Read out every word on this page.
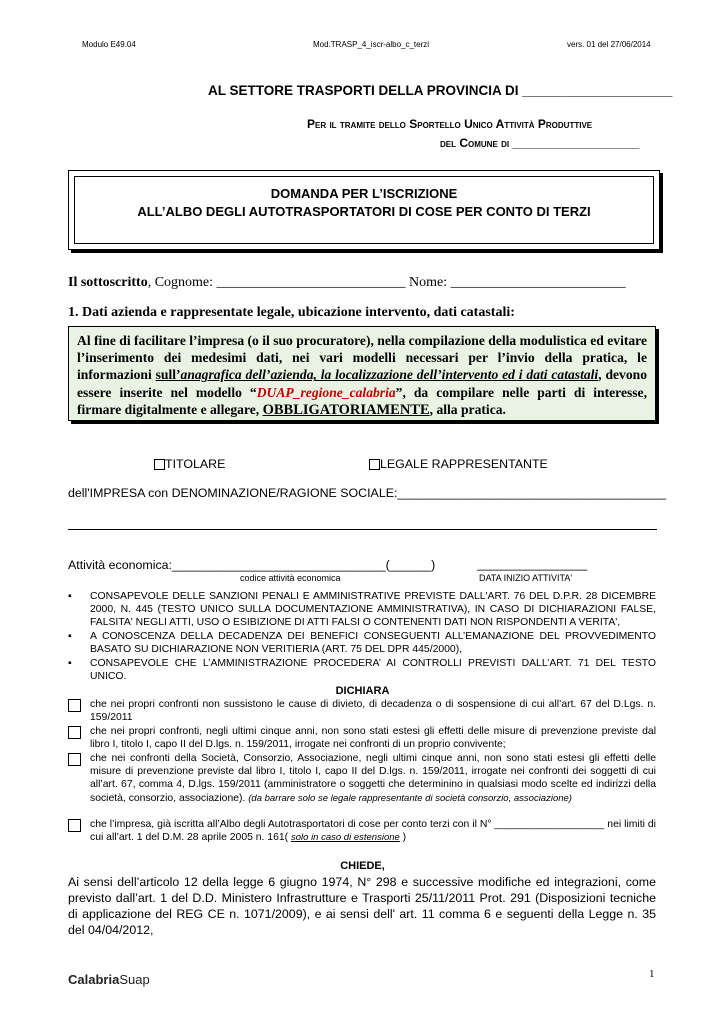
Modulo E49.04	Mod.TRASP_4_iscr-albo_c_terzi	vers. 01 del 27/06/2014
AL SETTORE TRASPORTI DELLA PROVINCIA DI ____________________
Per il tramite dello Sportello Unico Attività Produttive
del Comune di ___________________
DOMANDA PER L’ISCRIZIONE
ALL’ALBO DEGLI AUTOTRASPORTATORI DI COSE PER CONTO DI TERZI
Il sottoscritto, Cognome: ___________________________ Nome: _________________________
1. Dati azienda e rappresentate legale, ubicazione intervento, dati catastali:
Al fine di facilitare l’impresa (o il suo procuratore), nella compilazione della modulistica ed evitare l’inserimento dei medesimi dati, nei vari modelli necessari per l’invio della pratica, le informazioni sull’anagrafica dell’azienda, la localizzazione dell’intervento ed i dati catastali, devono essere inserite nel modello “DUAP_regione_calabria”, da compilare nelle parti di interesse, firmare digitalmente e allegare, OBBLIGATORIAMENTE, alla pratica.
TITOLARE	LEGALE RAPPRESENTANTE
dell'IMPRESA con DENOMINAZIONE/RAGIONE SOCIALE:_______________________________________
Attività economica:_______________________________(______)	________________
codice attività economica	DATA INIZIO ATTIVITA'
▪	CONSAPEVOLE DELLE SANZIONI PENALI E AMMINISTRATIVE PREVISTE DALL'ART. 76 DEL D.P.R. 28 DICEMBRE 2000, N. 445 (TESTO UNICO SULLA DOCUMENTAZIONE AMMINISTRATIVA), IN CASO DI DICHIARAZIONI FALSE, FALSITA' NEGLI ATTI, USO O ESIBIZIONE DI ATTI FALSI O CONTENENTI DATI NON RISPONDENTI A VERITA',
▪	A CONOSCENZA DELLA DECADENZA DEI BENEFICI CONSEGUENTI ALL’EMANAZIONE DEL PROVVEDIMENTO BASATO SU DICHIARAZIONE NON VERITIERIA (ART. 75 DEL DPR 445/2000),
▪	CONSAPEVOLE CHE L’AMMINISTRAZIONE PROCEDERA’ AI CONTROLLI PREVISTI DALL’ART. 71 DEL TESTO UNICO.
DICHIARA
che nei propri confronti non sussistono le cause di divieto, di decadenza o di sospensione di cui all’art. 67 del D.Lgs. n. 159/2011
che nei propri confronti, negli ultimi cinque anni, non sono stati estesi gli effetti delle misure di prevenzione previste dal libro I, titolo I, capo II del D.lgs. n. 159/2011, irrogate nei confronti di un proprio convivente;
che nei confronti della Società, Consorzio, Associazione, negli ultimi cinque anni, non sono stati estesi gli effetti delle misure di prevenzione previste dal libro I, titolo I, capo II del D.lgs. n. 159/2011, irrogate nei confronti dei soggetti di cui all’art. 67, comma 4, D.lgs. 159/2011 (amministratore o soggetti che determinino in qualsiasi modo scelte ed indirizzi della società, consorzio, associazione). (da barrare solo se legale rappresentante di società consorzio, associazione)
che l’impresa, già iscritta all’Albo degli Autotrasportatori di cose per conto terzi con il N° ___________________ nei limiti di cui all’art. 1 del D.M. 28 aprile 2005 n. 161( solo in caso di estensione )
CHIEDE,
Ai sensi dell’articolo 12 della legge 6 giugno 1974, N° 298 e successive modifiche ed integrazioni, come previsto dall’art. 1 del D.D. Ministero Infrastrutture e Trasporti 25/11/2011 Prot. 291 (Disposizioni tecniche di applicazione del REG CE n. 1071/2009), e ai sensi dell' art. 11 comma 6 e seguenti della Legge n. 35 del 04/04/2012,
CalabriaSuap	1
